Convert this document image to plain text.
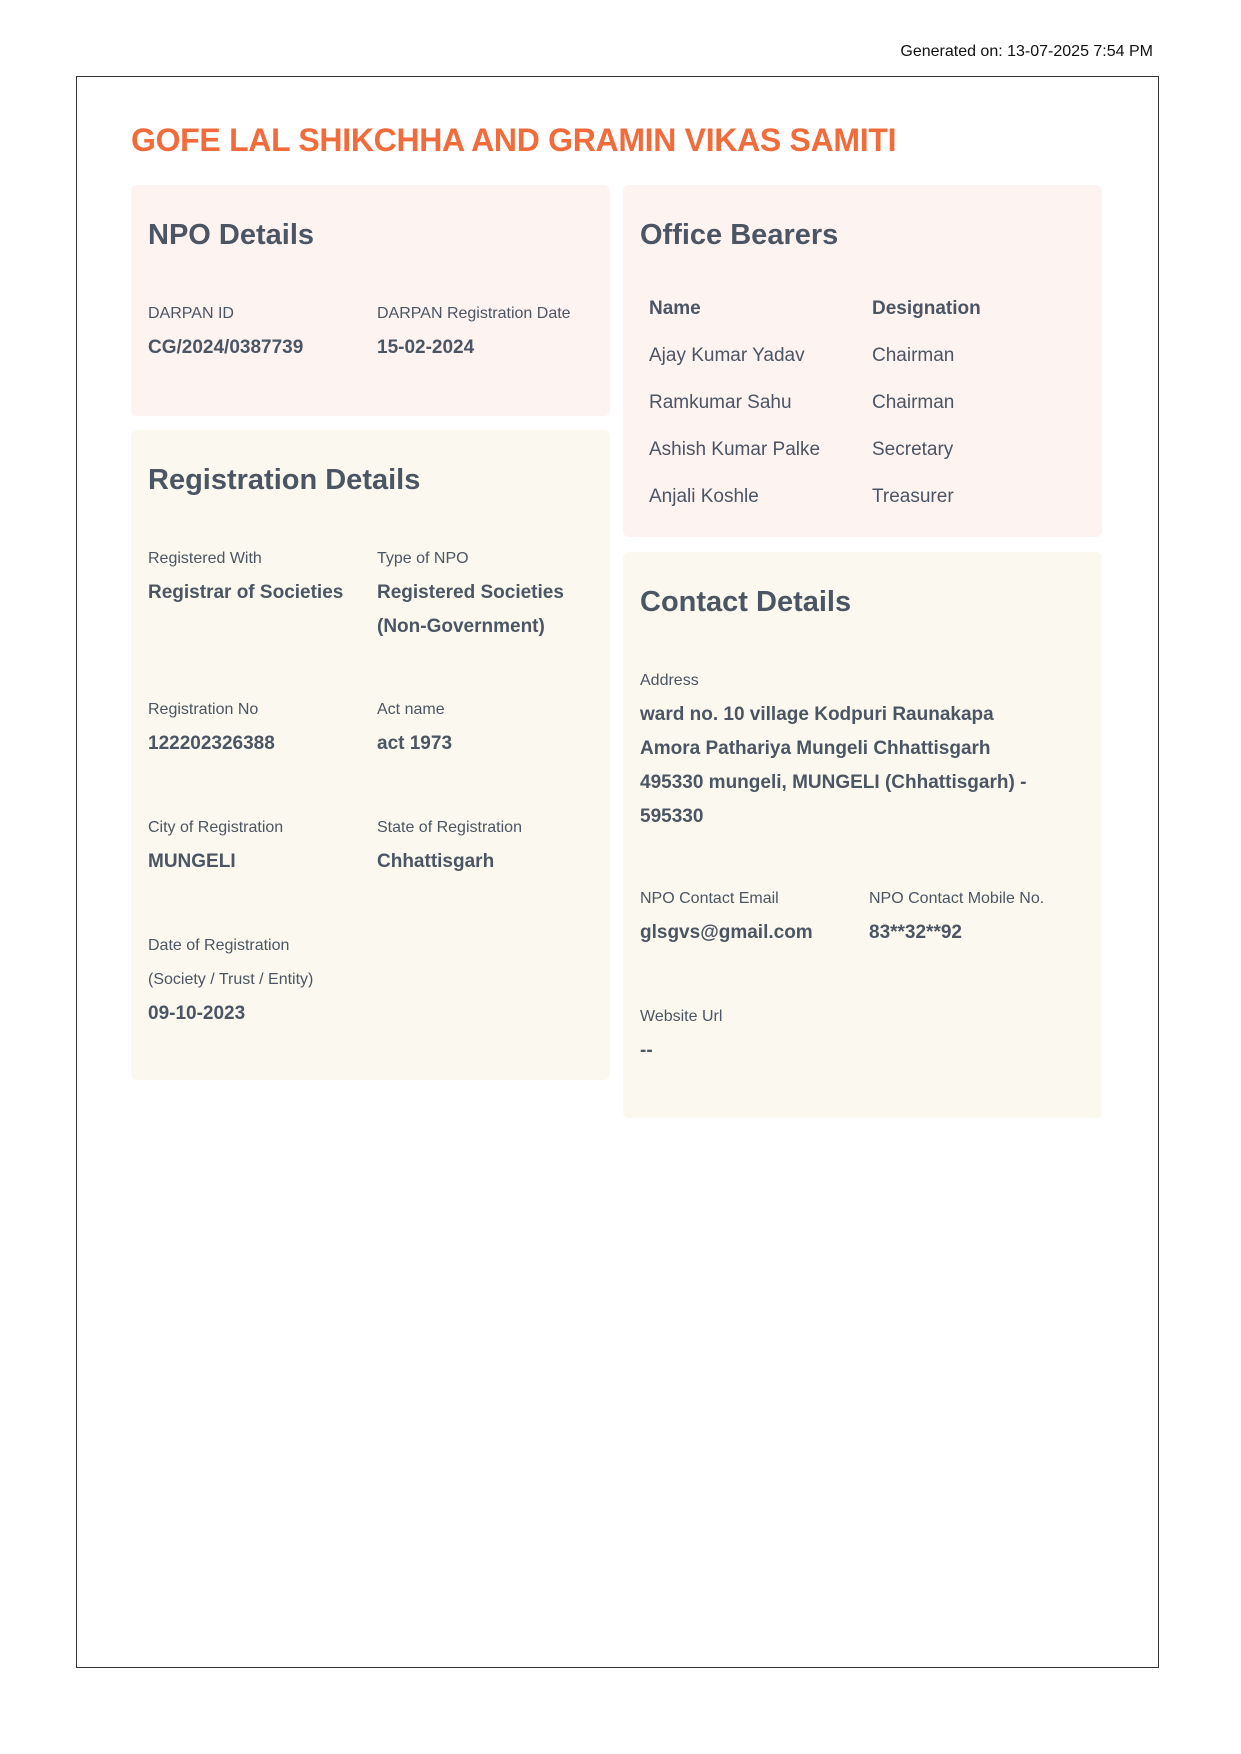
Generated on: 13-07-2025 7:54 PM
GOFE LAL SHIKCHHA AND GRAMIN VIKAS SAMITI
NPO Details
DARPAN ID
CG/2024/0387739
DARPAN Registration Date
15-02-2024
Registration Details
Registered With
Registrar of Societies
Type of NPO
Registered Societies
(Non-Government)
Registration No
122202326388
Act name
act 1973
City of Registration
MUNGELI
State of Registration
Chhattisgarh
Date of Registration
(Society / Trust / Entity)
09-10-2023
Office Bearers
Name	Designation
Ajay Kumar Yadav	Chairman
Ramkumar Sahu	Chairman
Ashish Kumar Palke	Secretary
Anjali Koshle	Treasurer
Contact Details
Address
ward no. 10 village Kodpuri Raunakapa
Amora Pathariya Mungeli Chhattisgarh
495330 mungeli, MUNGELI (Chhattisgarh) -
595330
NPO Contact Email
glsgvs@gmail.com
NPO Contact Mobile No.
83**32**92
Website Url
--
